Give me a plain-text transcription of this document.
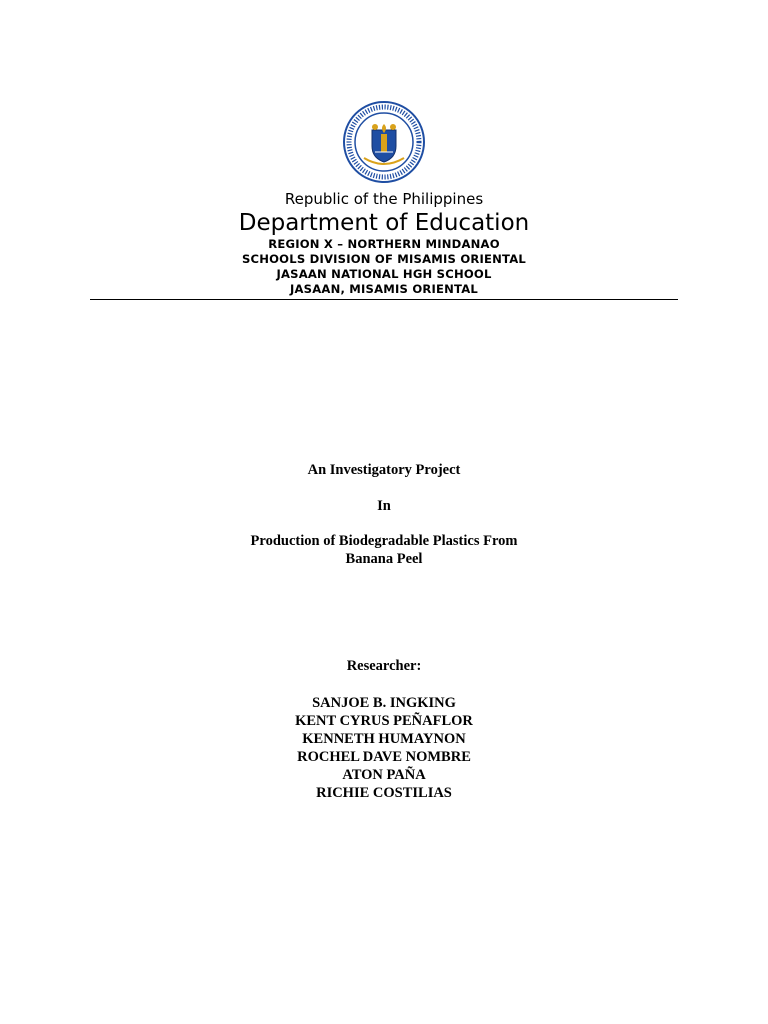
Republic of the Philippines
Department of Education
REGION X – NORTHERN MINDANAO
SCHOOLS DIVISION OF MISAMIS ORIENTAL
JASAAN NATIONAL HGH SCHOOL
JASAAN, MISAMIS ORIENTAL
An Investigatory Project
In
Production of Biodegradable Plastics From
Banana Peel
Researcher:
SANJOE B. INGKING
KENT CYRUS PEÑAFLOR
KENNETH HUMAYNON
ROCHEL DAVE NOMBRE
ATON PAÑA
RICHIE COSTILIAS
